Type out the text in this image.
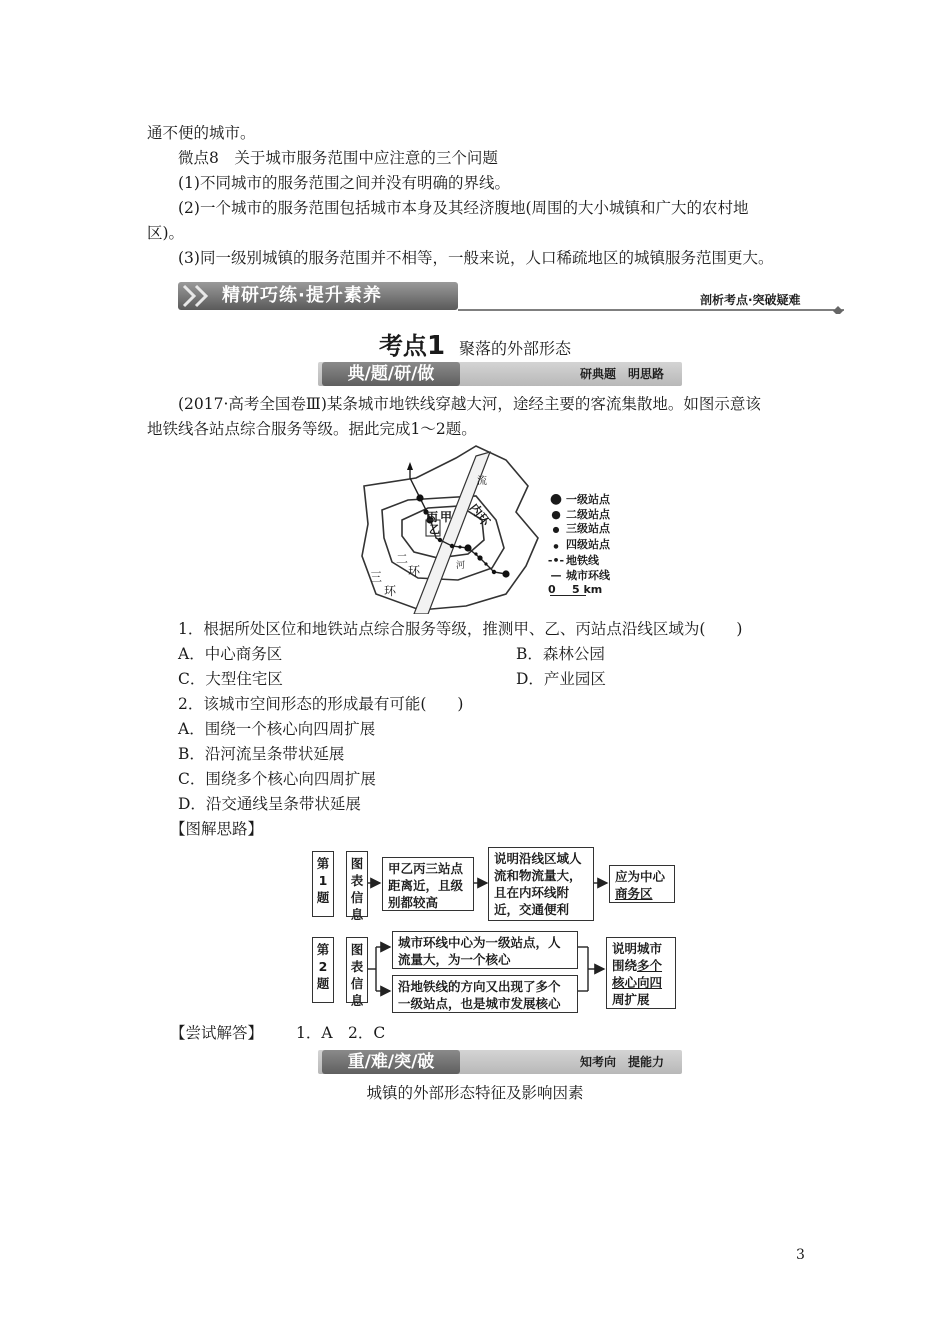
通不便的城市。
微点8　关于城市服务范围中应注意的三个问题
(1)不同城市的服务范围之间并没有明确的界线。
(2)一个城市的服务范围包括城市本身及其经济腹地(周围的大小城镇和广大的农村地
区)。
(3)同一级别城镇的服务范围并不相等，一般来说，人口稀疏地区的城镇服务范围更大。
精研巧练·提升素养	剖析考点·突破疑难
考点1 聚落的外部形态
典/题/研/做	研典题　明思路
(2017·高考全国卷Ⅲ)某条城市地铁线穿越大河，途经主要的客流集散地。如图示意该
地铁线各站点综合服务等级。据此完成1～2题。
流
河
内环
丙 甲
乙
二
环
三
环
● 一级站点
● 二级站点
● 三级站点
● 四级站点
-•- 地铁线
— 城市环线
0 5 km
1．根据所处区位和地铁站点综合服务等级，推测甲、乙、丙站点沿线区域为(　　)
A．中心商务区	B．森林公园
C．大型住宅区	D．产业园区
2．该城市空间形态的形成最有可能(　　)
A．围绕一个核心向四周扩展
B．沿河流呈条带状延展
C．围绕多个核心向四周扩展
D．沿交通线呈条带状延展
【图解思路】
第1题
图表信息
甲乙丙三站点距离近，且级别都较高
说明沿线区域人流和物流量大，且在内环线附近，交通便利
应为中心
商务区
第2题
图表信息
城市环线中心为一级站点，人流量大，为一个核心
沿地铁线的方向又出现了多个一级站点，也是城市发展核心
说明城市
围绕多个
核心向四
周扩展
【尝试解答】 1．A　2．C
重/难/突/破	知考向　提能力
城镇的外部形态特征及影响因素
3
